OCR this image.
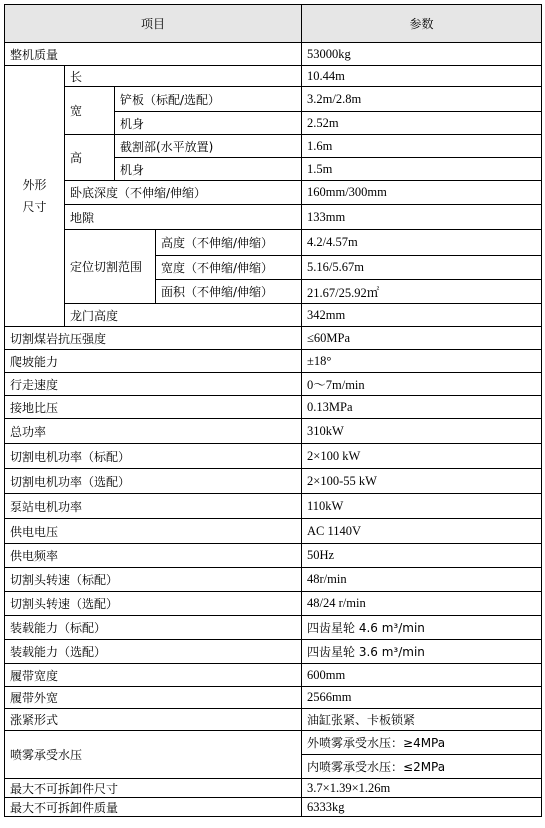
项目				参数
整机质量				53000kg
外形
尺寸	长			10.44m
	宽	铲板（标配/选配）		3.2m/2.8m
		机身		2.52m
	高	截割部(水平放置)		1.6m
		机身		1.5m
	卧底深度（不伸缩/伸缩）			160mm/300mm
	地隙			133mm
	定位切割范围		高度（不伸缩/伸缩）	4.2/4.57m
			宽度（不伸缩/伸缩）	5.16/5.67m
			面积（不伸缩/伸缩）	21.67/25.92㎡
	龙门高度			342mm
切割煤岩抗压强度				≤60MPa
爬坡能力				±18°
行走速度				0～7m/min
接地比压				0.13MPa
总功率				310kW
切割电机功率（标配）				2×100 kW
切割电机功率（选配）				2×100-55 kW
泵站电机功率				110kW
供电电压				AC 1140V
供电频率				50Hz
切割头转速（标配）				48r/min
切割头转速（选配）				48/24 r/min
装载能力（标配）				四齿星轮 4.6 m³/min
装载能力（选配）				四齿星轮 3.6 m³/min
履带宽度				600mm
履带外宽				2566mm
涨紧形式				油缸张紧、卡板锁紧
喷雾承受水压				外喷雾承受水压：≥4MPa
				内喷雾承受水压：≤2MPa
最大不可拆卸件尺寸				3.7×1.39×1.26m
最大不可拆卸件质量				6333kg
